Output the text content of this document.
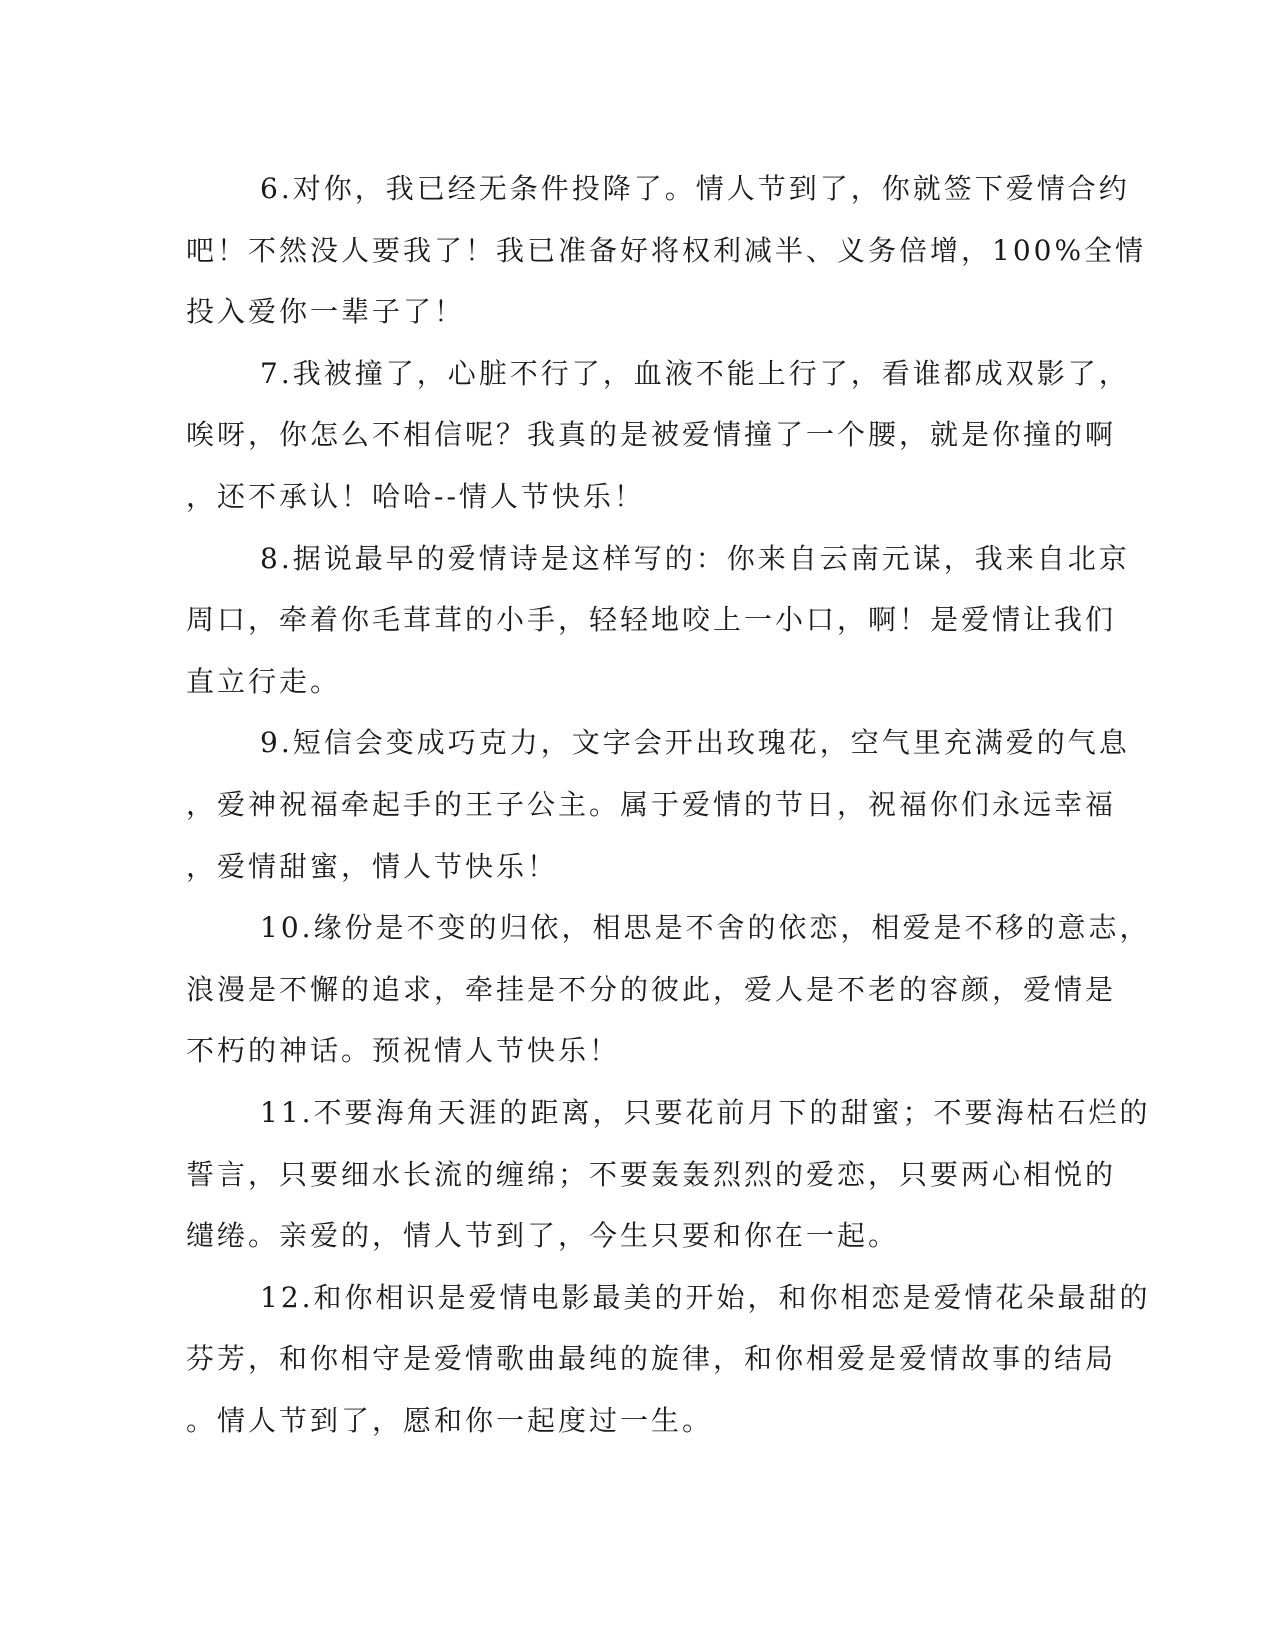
6.对你，我已经无条件投降了。情人节到了，你就签下爱情合约
吧！不然没人要我了！我已准备好将权利减半、义务倍增，100%全情
投入爱你一辈子了！
7.我被撞了，心脏不行了，血液不能上行了，看谁都成双影了，
唉呀，你怎么不相信呢？我真的是被爱情撞了一个腰，就是你撞的啊
，还不承认！哈哈--情人节快乐！
8.据说最早的爱情诗是这样写的：你来自云南元谋，我来自北京
周口，牵着你毛茸茸的小手，轻轻地咬上一小口，啊！是爱情让我们
直立行走。
9.短信会变成巧克力，文字会开出玫瑰花，空气里充满爱的气息
，爱神祝福牵起手的王子公主。属于爱情的节日，祝福你们永远幸福
，爱情甜蜜，情人节快乐！
10.缘份是不变的归依，相思是不舍的依恋，相爱是不移的意志，
浪漫是不懈的追求，牵挂是不分的彼此，爱人是不老的容颜，爱情是
不朽的神话。预祝情人节快乐！
11.不要海角天涯的距离，只要花前月下的甜蜜；不要海枯石烂的
誓言，只要细水长流的缠绵；不要轰轰烈烈的爱恋，只要两心相悦的
缱绻。亲爱的，情人节到了，今生只要和你在一起。
12.和你相识是爱情电影最美的开始，和你相恋是爱情花朵最甜的
芬芳，和你相守是爱情歌曲最纯的旋律，和你相爱是爱情故事的结局
。情人节到了，愿和你一起度过一生。
